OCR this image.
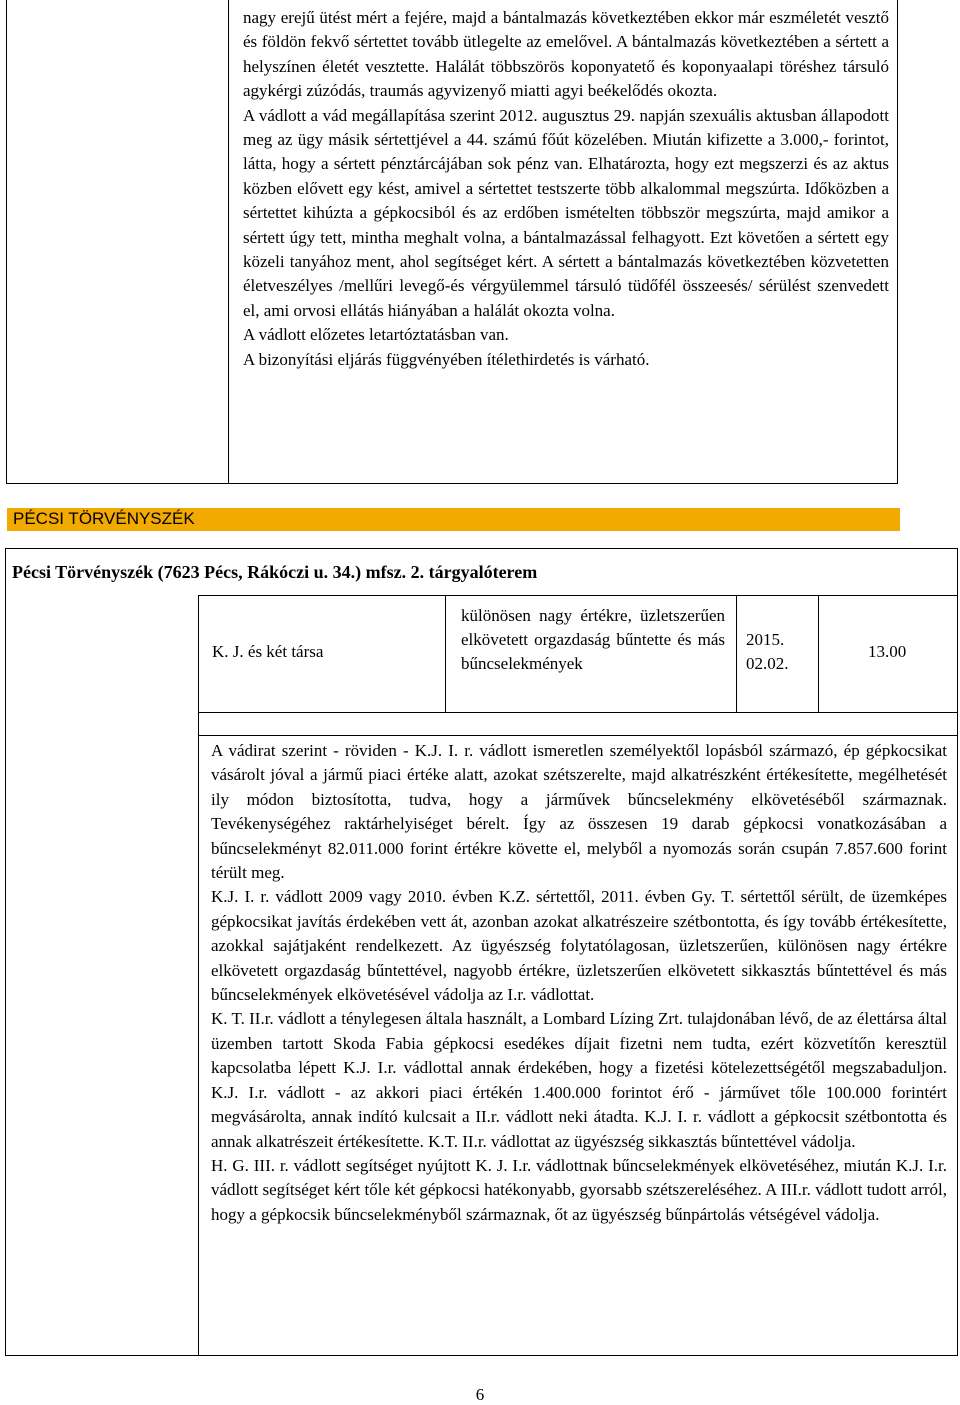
nagy erejű ütést mért a fejére, majd a bántalmazás következtében ekkor már eszméletét vesztő és földön fekvő sértettet tovább ütlegelte az emelővel. A bántalmazás következtében a sértett a helyszínen életét vesztette. Halálát többszörös koponyatető és koponyaalapi töréshez társuló agykérgi zúzódás, traumás agyvizenyő miatti agyi beékelődés okozta.

A vádlott a vád megállapítása szerint 2012. augusztus 29. napján szexuális aktusban állapodott meg az ügy másik sértettjével a 44. számú főút közelében. Miután kifizette a 3.000,- forintot, látta, hogy a sértett pénztárcájában sok pénz van. Elhatározta, hogy ezt megszerzi és az aktus közben elővett egy kést, amivel a sértettet testszerte több alkalommal megszúrta. Időközben a sértettet kihúzta a gépkocsiból és az erdőben ismételten többször megszúrta, majd amikor a sértett úgy tett, mintha meghalt volna, a bántalmazással felhagyott. Ezt követően a sértett egy közeli tanyához ment, ahol segítséget kért. A sértett a bántalmazás következtében közvetetten életveszélyes /mellűri levegő-és vérgyülemmel társuló tüdőfél összeesés/ sérülést szenvedett el, ami orvosi ellátás hiányában a halálát okozta volna.

A vádlott előzetes letartóztatásban van.

A bizonyítási eljárás függvényében ítélethirdetés is várható.

PÉCSI TÖRVÉNYSZÉK
Pécsi Törvényszék (7623 Pécs, Rákóczi u. 34.) mfsz. 2. tárgyalóterem
K. J. és két társa
különösen nagy értékre, üzletszerűen elkövetett orgazdaság bűntette és más bűncselekmények
2015. 02.02.
13.00

A vádirat szerint - röviden - K.J. I. r. vádlott ismeretlen személyektől lopásból származó, ép gépkocsikat vásárolt jóval a jármű piaci értéke alatt, azokat szétszerelte, majd alkatrészként értékesítette, megélhetését ily módon biztosította, tudva, hogy a járművek bűncselekmény elkövetéséből származnak. Tevékenységéhez raktárhelyiséget bérelt. Így az összesen 19 darab gépkocsi vonatkozásában a bűncselekményt 82.011.000 forint értékre követte el, melyből a nyomozás során csupán 7.857.600 forint térült meg.

K.J. I. r. vádlott 2009 vagy 2010. évben K.Z. sértettől, 2011. évben Gy. T. sértettől sérült, de üzemképes gépkocsikat javítás érdekében vett át, azonban azokat alkatrészeire szétbontotta, és így tovább értékesítette, azokkal sajátjaként rendelkezett. Az ügyészség folytatólagosan, üzletszerűen, különösen nagy értékre elkövetett orgazdaság bűntettével, nagyobb értékre, üzletszerűen elkövetett sikkasztás bűntettével és más bűncselekmények elkövetésével vádolja az I.r. vádlottat.

K. T. II.r. vádlott a ténylegesen általa használt, a Lombard Lízing Zrt. tulajdonában lévő, de az élettársa által üzemben tartott Skoda Fabia gépkocsi esedékes díjait fizetni nem tudta, ezért közvetítőn keresztül kapcsolatba lépett K.J. I.r. vádlottal annak érdekében, hogy a fizetési kötelezettségétől megszabaduljon. K.J. I.r. vádlott - az akkori piaci értékén 1.400.000 forintot érő - járművet tőle 100.000 forintért megvásárolta, annak indító kulcsait a II.r. vádlott neki átadta. K.J. I. r. vádlott a gépkocsit szétbontotta és annak alkatrészeit értékesítette. K.T. II.r. vádlottat az ügyészség sikkasztás bűntettével vádolja.

H. G. III. r. vádlott segítséget nyújtott K. J. I.r. vádlottnak bűncselekmények elkövetéséhez, miután K.J. I.r. vádlott segítséget kért tőle két gépkocsi hatékonyabb, gyorsabb szétszereléséhez. A III.r. vádlott tudott arról, hogy a gépkocsik bűncselekményből származnak, őt az ügyészség bűnpártolás vétségével vádolja.

6
